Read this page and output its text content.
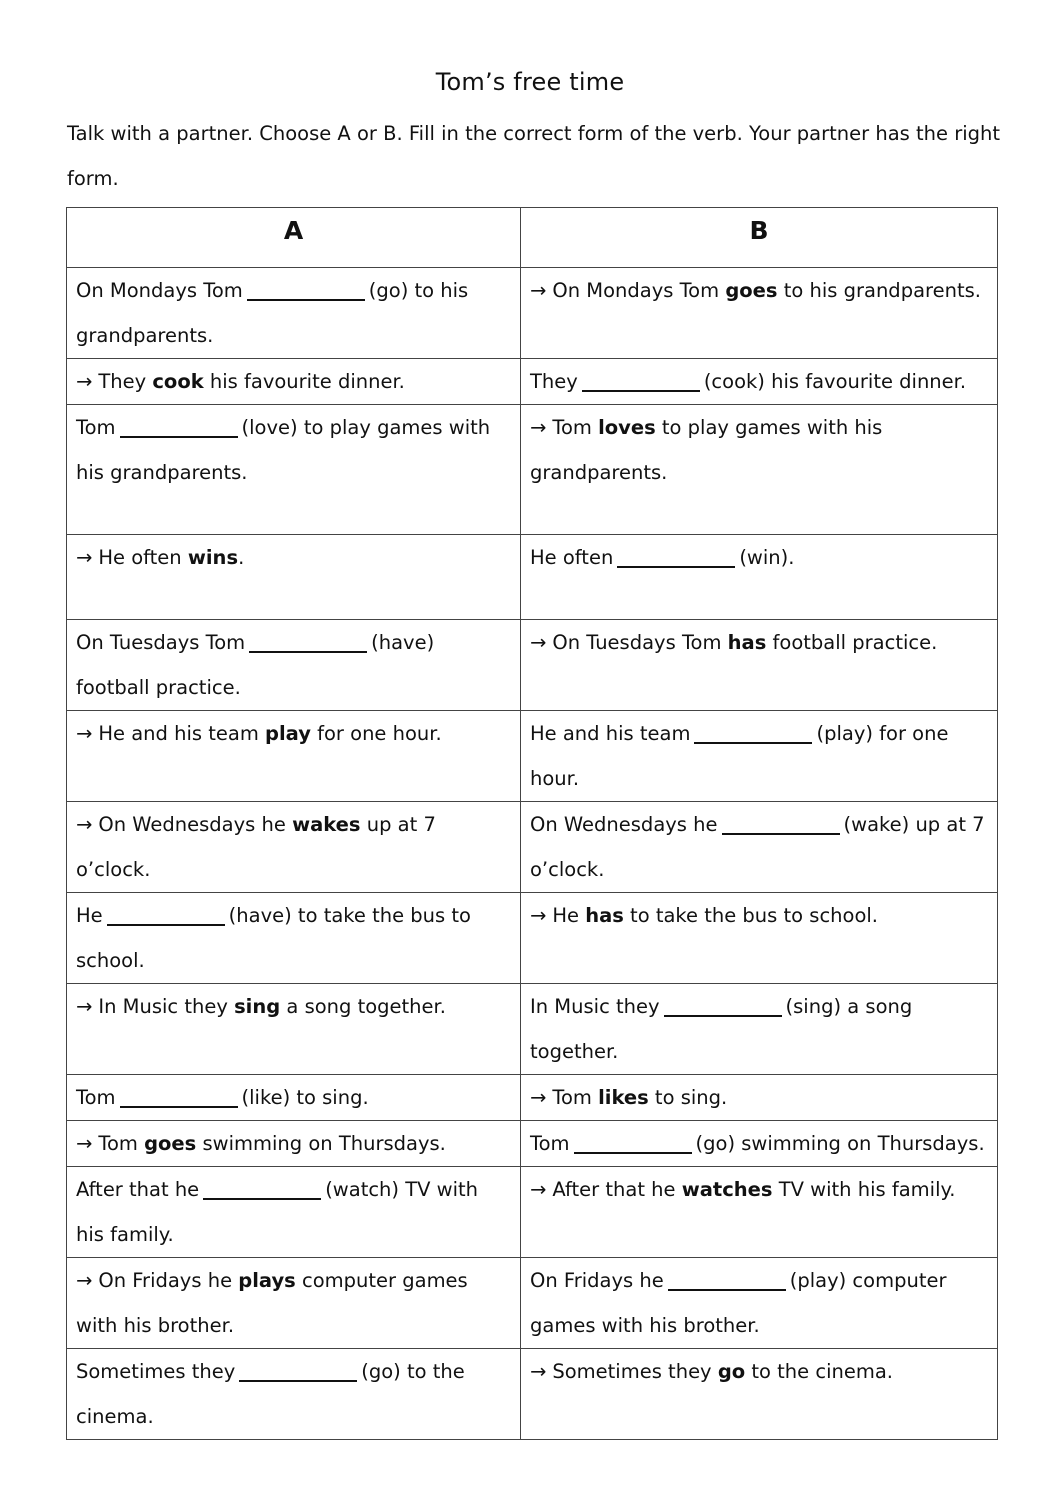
Tom’s free time
Talk with a partner. Choose A or B. Fill in the correct form of the verb. Your partner has the right form.
A	B
On Mondays Tom (go) to his grandparents.	→ On Mondays Tom goes to his grandparents.
→ They cook his favourite dinner.	They (cook) his favourite dinner.
Tom (love) to play games with his grandparents.	→ Tom loves to play games with his grandparents.
→ He often wins.	He often (win).
On Tuesdays Tom (have) football practice.	→ On Tuesdays Tom has football practice.
→ He and his team play for one hour.	He and his team (play) for one hour.
→ On Wednesdays he wakes up at 7 o’clock.	On Wednesdays he (wake) up at 7 o’clock.
He (have) to take the bus to school.	→ He has to take the bus to school.
→ In Music they sing a song together.	In Music they (sing) a song together.
Tom (like) to sing.	→ Tom likes to sing.
→ Tom goes swimming on Thursdays.	Tom (go) swimming on Thursdays.
After that he (watch) TV with his family.	→ After that he watches TV with his family.
→ On Fridays he plays computer games with his brother.	On Fridays he (play) computer games with his brother.
Sometimes they (go) to the cinema.	→ Sometimes they go to the cinema.
